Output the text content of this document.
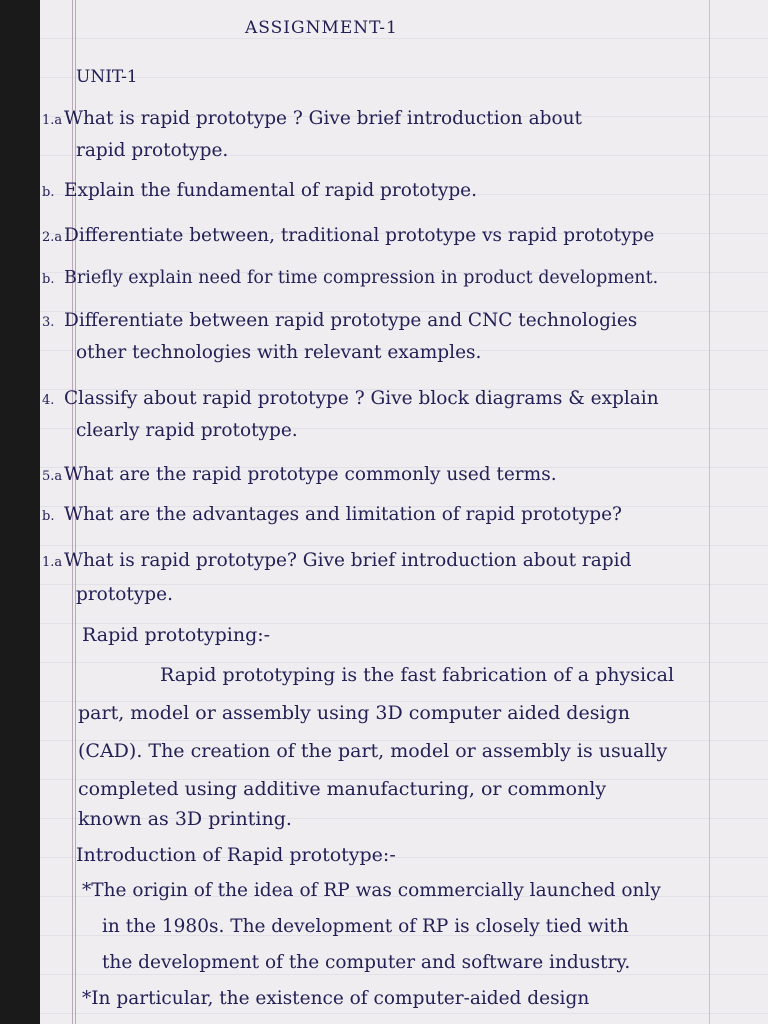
ASSIGNMENT-1
UNIT-1
1.aWhat is rapid prototype ? Give brief introduction about
rapid prototype.
b. Explain the fundamental of rapid prototype.
2.aDifferentiate between, traditional prototype vs rapid prototype
b. Briefly explain need for time compression in product development.
3. Differentiate between rapid prototype and CNC technologies
other technologies with relevant examples.
4. Classify about rapid prototype ? Give block diagrams & explain
clearly rapid prototype.
5.aWhat are the rapid prototype commonly used terms.
b. What are the advantages and limitation of rapid prototype?
1.aWhat is rapid prototype? Give brief introduction about rapid
prototype.
Rapid prototyping:-
Rapid prototyping is the fast fabrication of a physical
part, model or assembly using 3D computer aided design
(CAD). The creation of the part, model or assembly is usually
completed using additive manufacturing, or commonly
known as 3D printing.
Introduction of Rapid prototype:-
*The origin of the idea of RP was commercially launched only
in the 1980s. The development of RP is closely tied with
the development of the computer and software industry.
*In particular, the existence of computer-aided design
